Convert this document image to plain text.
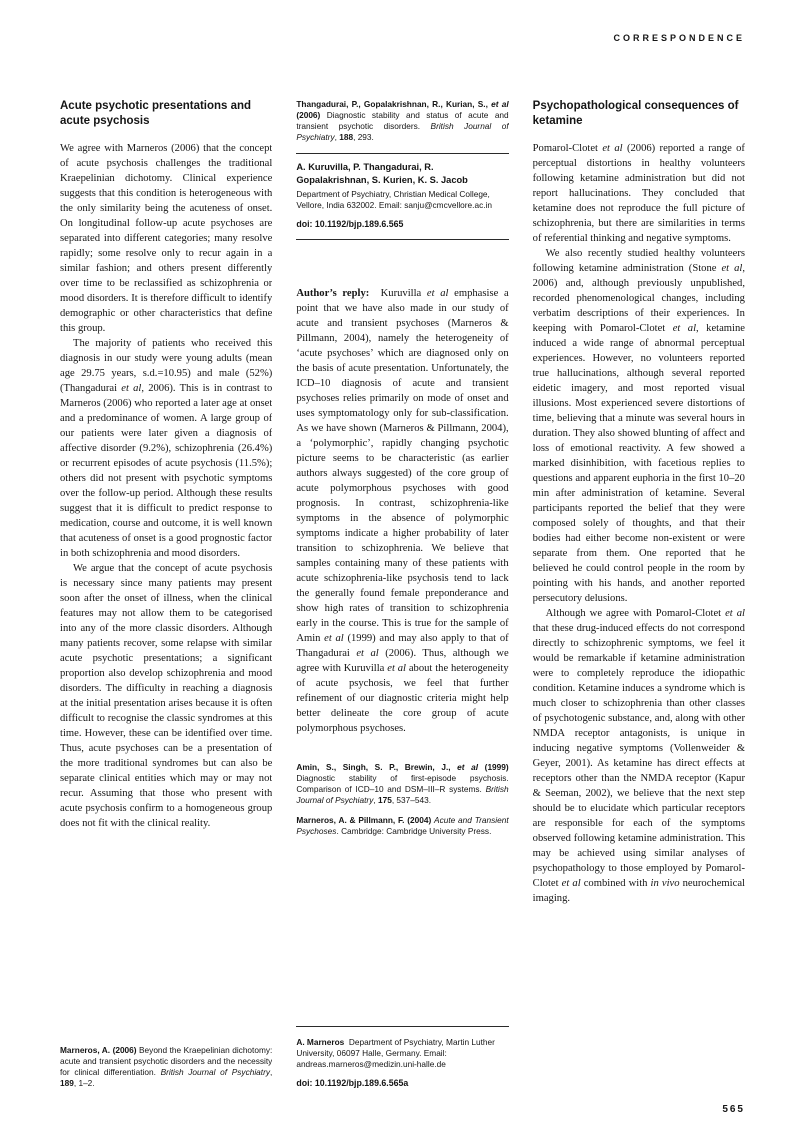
CORRESPONDENCE
Acute psychotic presentations and acute psychosis

We agree with Marneros (2006) that the concept of acute psychosis challenges the traditional Kraepelinian dichotomy. Clinical experience suggests that this condition is heterogeneous with the only similarity being the acuteness of onset. On longitudinal follow-up acute psychoses are separated into different categories; many resolve rapidly; some resolve only to recur again in a similar fashion; and others present differently over time to be reclassified as schizophrenia or mood disorders. It is therefore difficult to identify demographic or other characteristics that define this group.

The majority of patients who received this diagnosis in our study were young adults (mean age 29.75 years, s.d.=10.95) and male (52%) (Thangadurai et al, 2006). This is in contrast to Marneros (2006) who reported a later age at onset and a predominance of women. A large group of our patients were later given a diagnosis of affective disorder (9.2%), schizophrenia (26.4%) or recurrent episodes of acute psychosis (11.5%); others did not present with psychotic symptoms over the follow-up period. Although these results suggest that it is difficult to predict response to medication, course and outcome, it is well known that acuteness of onset is a good prognostic factor in both schizophrenia and mood disorders.

We argue that the concept of acute psychosis is necessary since many patients may present soon after the onset of illness, when the clinical features may not allow them to be categorised into any of the more classic disorders. Although many patients recover, some relapse with similar acute psychotic presentations; a significant proportion also develop schizophrenia and mood disorders. The difficulty in reaching a diagnosis at the initial presentation arises because it is often difficult to recognise the classic syndromes at this time. However, these can be identified over time. Thus, acute psychoses can be a presentation of the more traditional syndromes but can also be separate clinical entities which may or may not recur. Assuming that those who present with acute psychosis confirm to a homogeneous group does not fit with the clinical reality.

Marneros, A. (2006) Beyond the Kraepelinian dichotomy: acute and transient psychotic disorders and the necessity for clinical differentiation. British Journal of Psychiatry, 189, 1–2.
Thangadurai, P., Gopalakrishnan, R., Kurian, S., et al (2006) Diagnostic stability and status of acute and transient psychotic disorders. British Journal of Psychiatry, 188, 293.
A. Kuruvilla, P. Thangadurai, R. Gopalakrishnan, S. Kurien, K. S. Jacob
Department of Psychiatry, Christian Medical College, Vellore, India 632002. Email: sanju@cmcvellore.ac.in
doi: 10.1192/bjp.189.6.565

Author’s reply:  Kuruvilla et al emphasise a point that we have also made in our study of acute and transient psychoses (Marneros & Pillmann, 2004), namely the heterogeneity of ‘acute psychoses’ which are diagnosed only on the basis of acute presentation. Unfortunately, the ICD–10 diagnosis of acute and transient psychoses relies primarily on mode of onset and uses symptomatology only for sub-classification. As we have shown (Marneros & Pillmann, 2004), a ‘polymorphic’, rapidly changing psychotic picture seems to be characteristic (as earlier authors always suggested) of the core group of acute polymorphous psychoses with good prognosis. In contrast, schizophrenia-like symptoms in the absence of polymorphic symptoms indicate a higher probability of later transition to schizophrenia. We believe that samples containing many of these patients with acute schizophrenia-like psychosis tend to lack the generally found female preponderance and show high rates of transition to schizophrenia early in the course. This is true for the sample of Amin et al (1999) and may also apply to that of Thangadurai et al (2006). Thus, although we agree with Kuruvilla et al about the heterogeneity of acute psychosis, we feel that further refinement of our diagnostic criteria might help better delineate the core group of acute polymorphous psychoses.

Amin, S., Singh, S. P., Brewin, J., et al (1999) Diagnostic stability of first-episode psychosis. Comparison of ICD–10 and DSM–III–R systems. British Journal of Psychiatry, 175, 537–543.
Marneros, A. & Pillmann, F. (2004) Acute and Transient Psychoses. Cambridge: Cambridge University Press.
A. Marneros  Department of Psychiatry, Martin Luther University, 06097 Halle, Germany. Email: andreas.marneros@medizin.uni-halle.de
doi: 10.1192/bjp.189.6.565a
Psychopathological consequences of ketamine

Pomarol-Clotet et al (2006) reported a range of perceptual distortions in healthy volunteers following ketamine administration but did not report hallucinations. They concluded that ketamine does not reproduce the full picture of schizophrenia, but there are similarities in terms of referential thinking and negative symptoms.

We also recently studied healthy volunteers following ketamine administration (Stone et al, 2006) and, although previously unpublished, recorded phenomenological changes, including verbatim descriptions of their experiences. In keeping with Pomarol-Clotet et al, ketamine induced a wide range of abnormal perceptual experiences. However, no volunteers reported true hallucinations, although several reported eidetic imagery, and most reported visual illusions. Most experienced severe distortions of time, believing that a minute was several hours in duration. They also showed blunting of affect and loss of emotional reactivity. A few showed a marked disinhibition, with facetious replies to questions and apparent euphoria in the first 10–20 min after administration of ketamine. Several participants reported the belief that they were composed solely of thoughts, and that their bodies had either become non-existent or were separate from them. One reported that he believed he could control people in the room by pointing with his hands, and another reported persecutory delusions.

Although we agree with Pomarol-Clotet et al that these drug-induced effects do not correspond directly to schizophrenic symptoms, we feel it would be remarkable if ketamine administration were to completely reproduce the idiopathic condition. Ketamine induces a syndrome which is much closer to schizophrenia than other classes of psychotogenic substance, and, along with other NMDA receptor antagonists, is unique in inducing negative symptoms (Vollenweider & Geyer, 2001). As ketamine has direct effects at receptors other than the NMDA receptor (Kapur & Seeman, 2002), we believe that the next step should be to elucidate which particular receptors are responsible for each of the symptoms observed following ketamine administration. This may be achieved using similar analyses of psychopathology to those employed by Pomarol-Clotet et al combined with in vivo neurochemical imaging.

565
